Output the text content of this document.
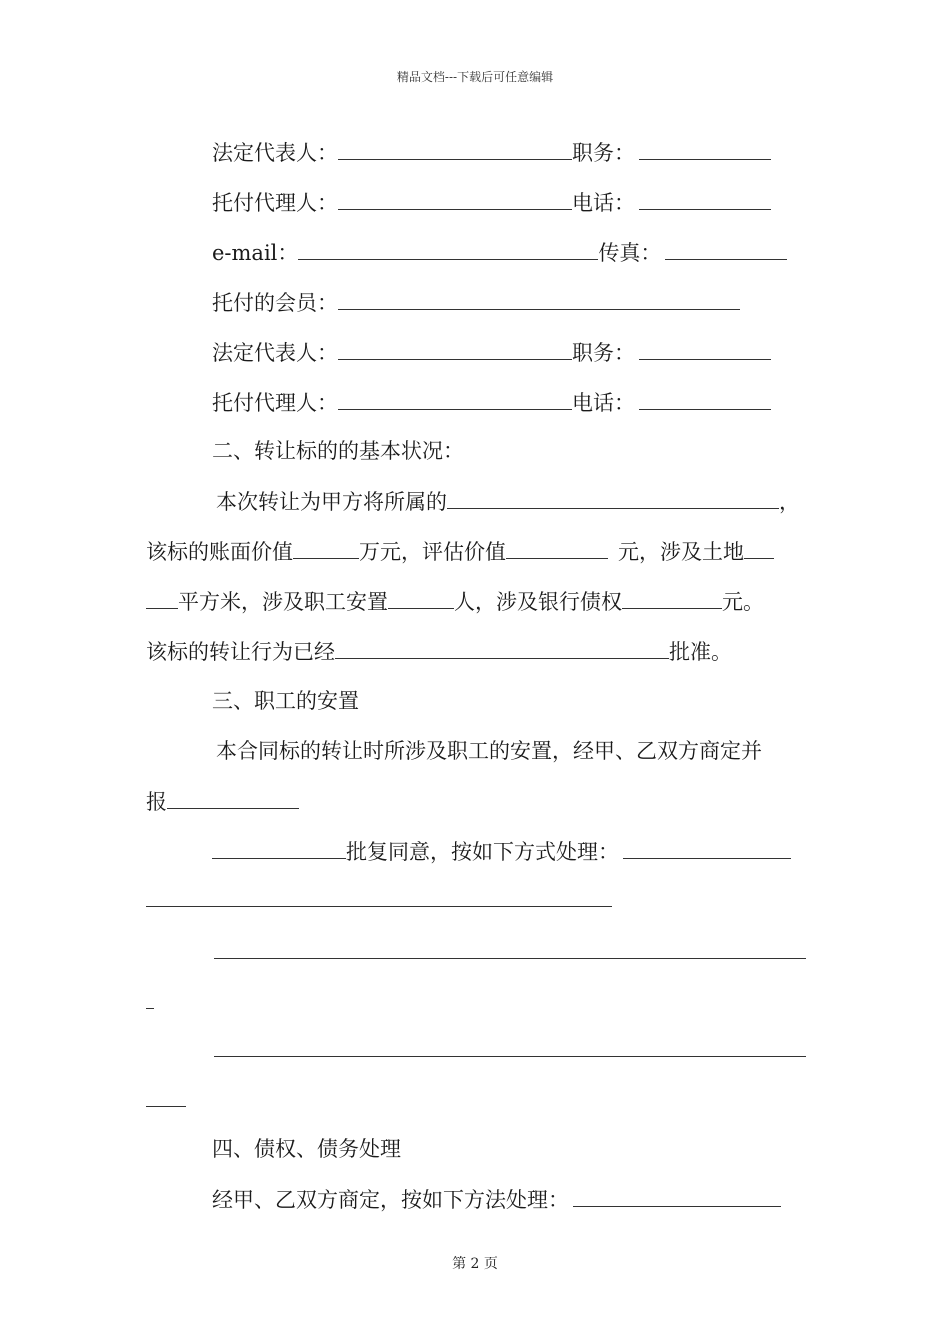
精品文档---下载后可任意编辑
法定代表人：	职务：
托付代理人：	电话：
e-mail：	传真：
托付的会员：
法定代表人：	职务：
托付代理人：	电话：
二、转让标的的基本状况：
本次转让为甲方将所属的	，
该标的账面价值	万元，评估价值	元，涉及土地
平方米，涉及职工安置	人，涉及银行债权	元。
该标的转让行为已经	批准。
三、职工的安置
本合同标的转让时所涉及职工的安置，经甲、乙双方商定并
报
批复同意，按如下方式处理：
四、债权、债务处理
经甲、乙双方商定，按如下方法处理：
第 2 页
